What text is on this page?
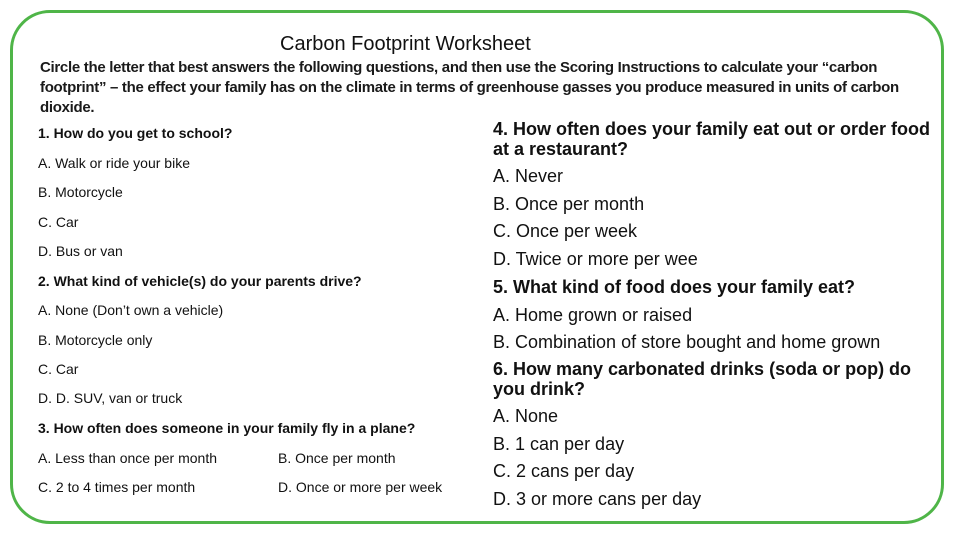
Carbon Footprint Worksheet
Circle the letter that best answers the following questions, and then use the Scoring Instructions to calculate your “carbon footprint” – the effect your family has on the climate in terms of greenhouse gasses you produce measured in units of carbon dioxide.
1. How do you get to school?
A. Walk or ride your bike
B. Motorcycle
C. Car
D. Bus or van
2. What kind of vehicle(s) do your parents drive?
A. None (Don’t own a vehicle)
B. Motorcycle only
C. Car
D. D. SUV, van or truck
3. How often does someone in your family fly in a plane?
A. Less than once per month	B. Once per month
C. 2 to 4 times per month	D. Once or more per week
4. How often does your family eat out or order food at a restaurant?
A. Never
B. Once per month
C. Once per week
D. Twice or more per wee
5. What kind of food does your family eat?
A. Home grown or raised
B. Combination of store bought and home grown
6. How many carbonated drinks (soda or pop) do you drink?
A. None
B. 1 can per day
C. 2 cans per day
D. 3 or more cans per day
